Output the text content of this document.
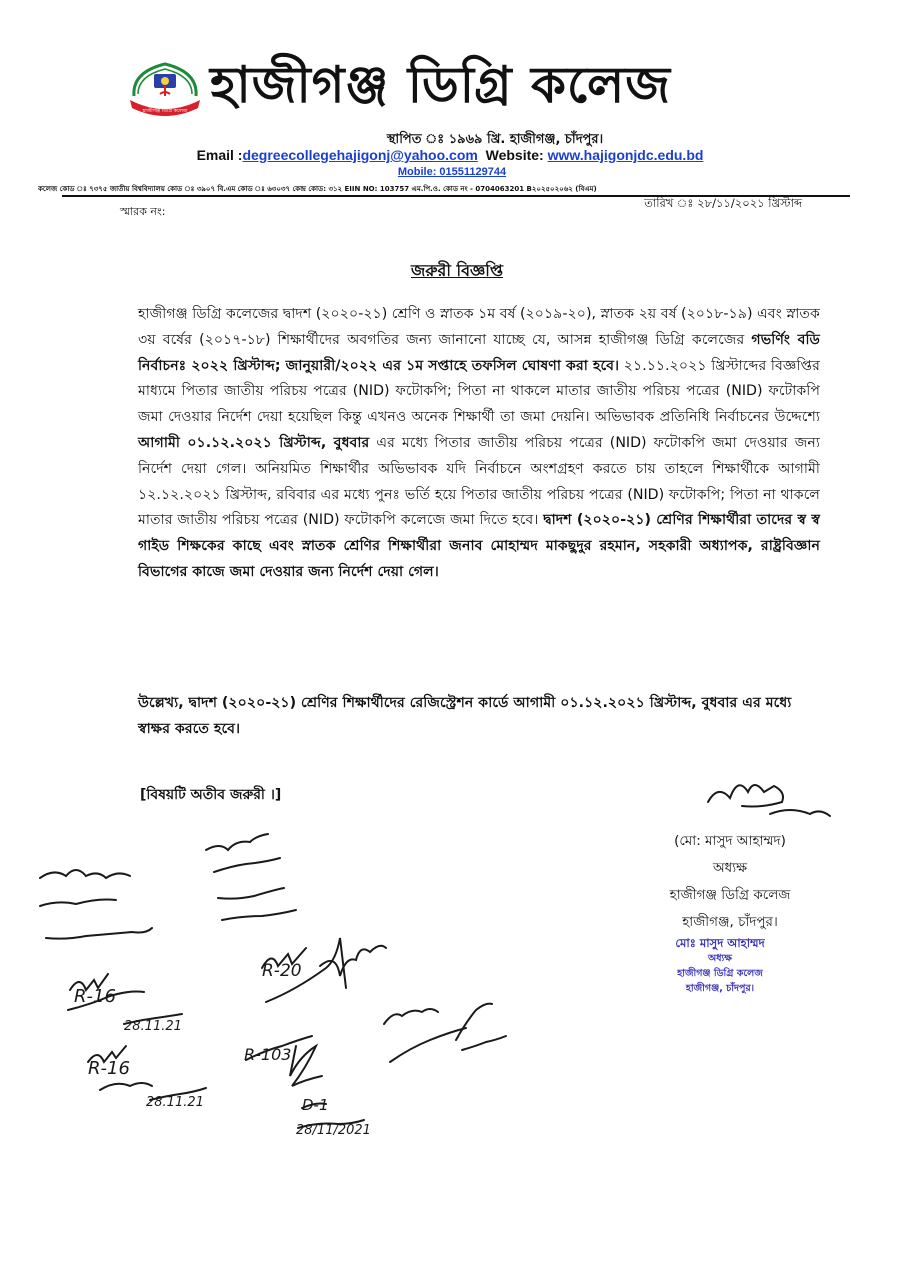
হাজীগঞ্জ ডিগ্রি কলেজ হাজীগঞ্জ ডিগ্রি কলেজ
স্থাপিত ঃ ১৯৬৯ খ্রি. হাজীগঞ্জ, চাঁদপুর।
Email :degreecollegehajigonj@yahoo.com Website: www.hajigonjdc.edu.bd
Mobile: 01551129744
কলেজ কোড ঃ ৭৩৭৫ জাতীয় বিশ্ববিদ্যালয় কোড ঃ ৩৯০৭ বি.এম কোড ঃ ৬৩০৩৭ কেন্দ্র কোড: ৩১২ EIIN NO: 103757 এম.পি.ও. কোড নং - 0704063201 B২০২৫০২০৬২ (বিএম)
স্মারক নং:
তারিখ ঃ ২৮/১১/২০২১ খ্রিস্টাব্দ
জরুরী বিজ্ঞপ্তি
হাজীগঞ্জ ডিগ্রি কলেজের দ্বাদশ (২০২০-২১) শ্রেণি ও স্নাতক ১ম বর্ষ (২০১৯-২০), স্নাতক ২য় বর্ষ (২০১৮-১৯) এবং স্নাতক ৩য় বর্ষের (২০১৭-১৮) শিক্ষার্থীদের অবগতির জন্য জানানো যাচ্ছে যে, আসন্ন হাজীগঞ্জ ডিগ্রি কলেজের গভর্ণিং বডি নির্বাচনঃ ২০২২ খ্রিস্টাব্দ; জানুয়ারী/২০২২ এর ১ম সপ্তাহে তফসিল ঘোষণা করা হবে। ২১.১১.২০২১ খ্রিস্টাব্দের বিজ্ঞপ্তির মাধ্যমে পিতার জাতীয় পরিচয় পত্রের (NID) ফটোকপি; পিতা না থাকলে মাতার জাতীয় পরিচয় পত্রের (NID) ফটোকপি জমা দেওয়ার নির্দেশ দেয়া হয়েছিল কিন্তু এখনও অনেক শিক্ষার্থী তা জমা দেয়নি। অভিভাবক প্রতিনিধি নির্বাচনের উদ্দেশ্যে আগামী ০১.১২.২০২১ খ্রিস্টাব্দ, বুধবার এর মধ্যে পিতার জাতীয় পরিচয় পত্রের (NID) ফটোকপি জমা দেওয়ার জন্য নির্দেশ দেয়া গেল। অনিয়মিত শিক্ষার্থীর অভিভাবক যদি নির্বাচনে অংশগ্রহণ করতে চায় তাহলে শিক্ষার্থীকে আগামী ১২.১২.২০২১ খ্রিস্টাব্দ, রবিবার এর মধ্যে পুনঃ ভর্তি হয়ে পিতার জাতীয় পরিচয় পত্রের (NID) ফটোকপি; পিতা না থাকলে মাতার জাতীয় পরিচয় পত্রের (NID) ফটোকপি কলেজে জমা দিতে হবে। দ্বাদশ (২০২০-২১) শ্রেণির শিক্ষার্থীরা তাদের স্ব স্ব গাইড শিক্ষকের কাছে এবং স্নাতক শ্রেণির শিক্ষার্থীরা জনাব মোহাম্মদ মাকছুদুর রহমান, সহকারী অধ্যাপক, রাষ্ট্রবিজ্ঞান বিভাগের কাজে জমা দেওয়ার জন্য নির্দেশ দেয়া গেল।
উল্লেখ্য, দ্বাদশ (২০২০-২১) শ্রেণির শিক্ষার্থীদের রেজিস্ট্রেশন কার্ডে আগামী ০১.১২.২০২১ খ্রিস্টাব্দ, বুধবার এর মধ্যে স্বাক্ষর করতে হবে।
[বিষয়টি অতীব জরুরী ।]
(মো: মাসুদ আহাম্মদ)
অধ্যক্ষ
হাজীগঞ্জ ডিগ্রি কলেজ
হাজীগঞ্জ, চাঁদপুর।
মোঃ মাসুদ আহাম্মদ
অধ্যক্ষ
হাজীগঞ্জ ডিগ্রি কলেজ
হাজীগঞ্জ, চাঁদপুর।
R-16
28.11.21
R-16
28.11.21
R-20
R-103
D-1
28/11/2021
